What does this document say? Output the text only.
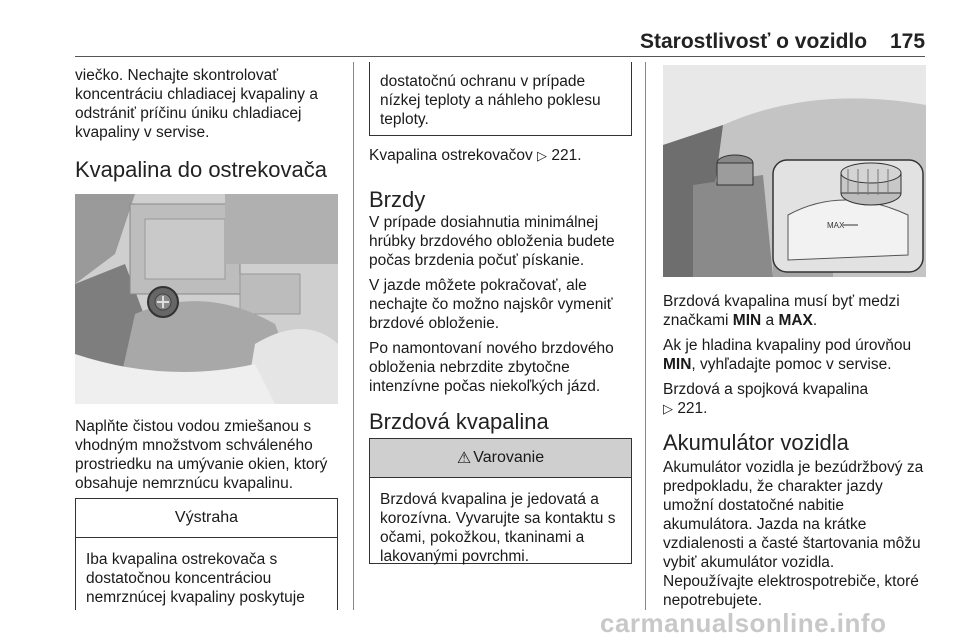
Starostlivosť o vozidlo 175

viečko. Nechajte skontrolovať koncentráciu chladiacej kvapaliny a odstrániť príčinu úniku chladiacej kvapaliny v servise.

Kvapalina do ostrekovača

Naplňte čistou vodou zmiešanou s vhodným množstvom schváleného prostriedku na umývanie okien, ktorý obsahuje nemrznúcu kvapalinu.

Výstraha
Iba kvapalina ostrekovača s dostatočnou koncentráciou nemrznúcej kvapaliny poskytuje
dostatočnú ochranu v prípade nízkej teploty a náhleho poklesu teploty.
Kvapalina ostrekovačov ▷ 221.
Brzdy

V prípade dosiahnutia minimálnej hrúbky brzdového obloženia budete počas brzdenia počuť pískanie.

V jazde môžete pokračovať, ale nechajte čo možno najskôr vymeniť brzdové obloženie.

Po namontovaní nového brzdového obloženia nebrzdite zbytočne intenzívne počas niekoľkých jázd.

Brzdová kvapalina
⚠ Varovanie
Brzdová kvapalina je jedovatá a korozívna. Vyvarujte sa kontaktu s očami, pokožkou, tkaninami a lakovanými povrchmi.
MAX

Brzdová kvapalina musí byť medzi značkami MIN a MAX.

Ak je hladina kvapaliny pod úrovňou MIN, vyhľadajte pomoc v servise.

Brzdová a spojková kvapalina
▷ 221.

Akumulátor vozidla

Akumulátor vozidla je bezúdržbový za predpokladu, že charakter jazdy umožní dostatočné nabitie akumulátora. Jazda na krátke vzdialenosti a časté štartovania môžu vybiť akumulátor vozidla.

Nepoužívajte elektrospotrebiče, ktoré nepotrebujete.

carmanualsonline.info
